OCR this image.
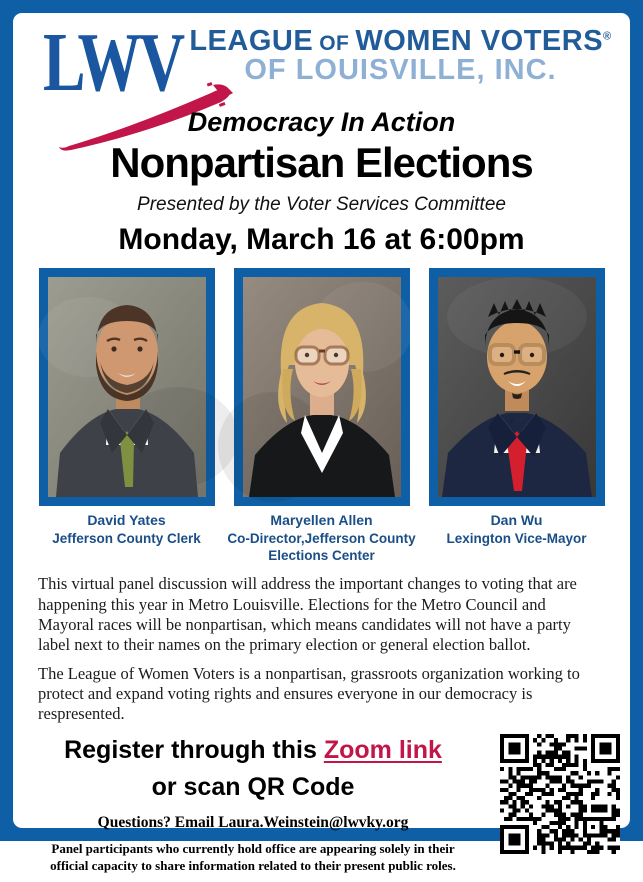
LWV LEAGUE OF WOMEN VOTERS®
OF LOUISVILLE, INC.
Democracy In Action
Nonpartisan Elections
Presented by the Voter Services Committee
Monday, March 16 at 6:00pm
David Yates
Jefferson County Clerk
Maryellen Allen
Co-Director,Jefferson County Elections Center
Dan Wu
Lexington Vice-Mayor

This virtual panel discussion will address the important changes to voting that are happening this year in Metro Louisville. Elections for the Metro Council and Mayoral races will be nonpartisan, which means candidates will not have a party label next to their names on the primary election or general election ballot.

The League of Women Voters is a nonpartisan, grassroots organization working to protect and expand voting rights and ensures everyone in our democracy is respresented.

Register through this Zoom link
or scan QR Code
Questions? Email Laura.Weinstein@lwvky.org
Panel participants who currently hold office are appearing solely in their official capacity to share information related to their present public roles.
